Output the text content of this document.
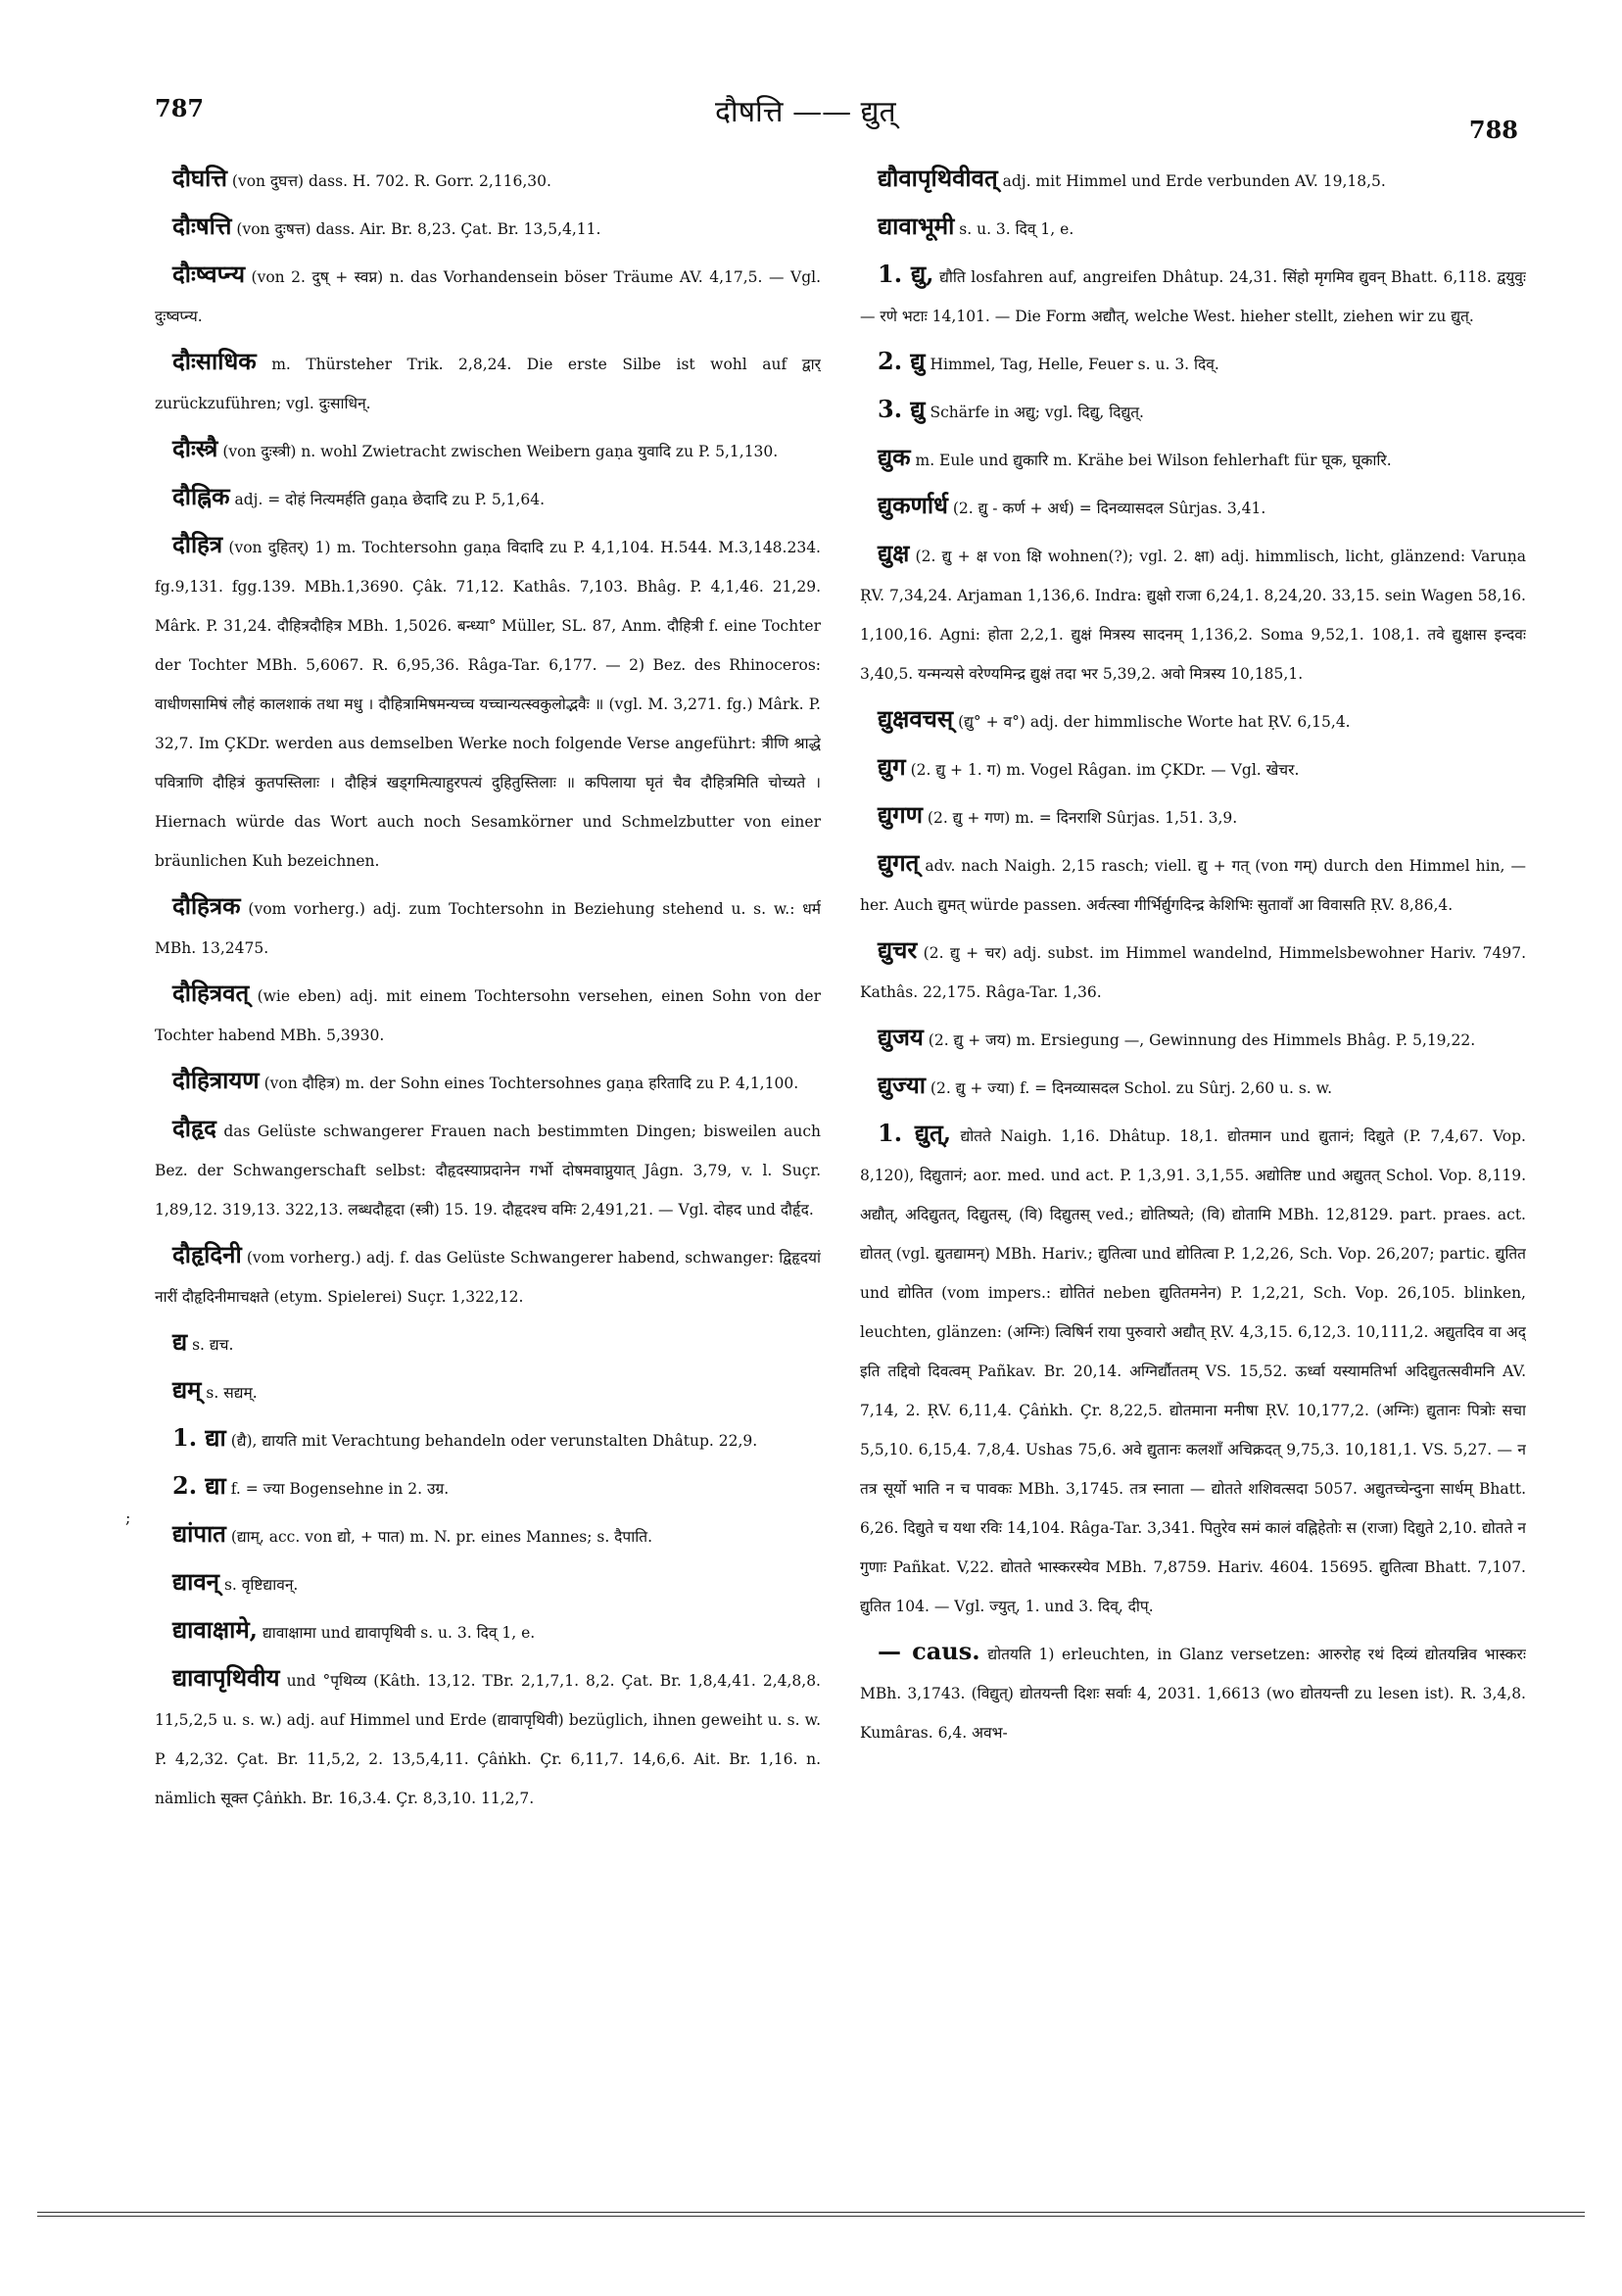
787	दौषत्ति —— द्युत्
788
;

दौघत्ति (von दुघत्त) dass. H. 702. R. Gorr. 2,116,30.

दौःषत्ति (von दुःषत्त) dass. Air. Br. 8,23. Çat. Br. 13,5,4,11.

दौःष्वप्न्य (von 2. दुष् + स्वप्न) n. das Vorhandensein böser Träume AV. 4,17,5. — Vgl. दुःष्वप्न्य.

दौःसाधिक m. Thürsteher Trik. 2,8,24. Die erste Silbe ist wohl auf द्वार् zurückzuführen; vgl. दुःसाधिन्.

दौःस्त्रै (von दुःस्त्री) n. wohl Zwietracht zwischen Weibern gaṇa युवादि zu P. 5,1,130.

दौह्निक adj. = दोहं नित्यमर्हति gaṇa छेदादि zu P. 5,1,64.

दौहित्र (von दुहितर्) 1) m. Tochtersohn gaṇa विदादि zu P. 4,1,104. H.544. M.3,148.234. fg.9,131. fgg.139. MBh.1,3690. Çâk. 71,12. Kathâs. 7,103. Bhâg. P. 4,1,46. 21,29. Mârk. P. 31,24. दौहित्रदौहित्र MBh. 1,5026. बन्ध्या° Müller, SL. 87, Anm. दौहित्री f. eine Tochter der Tochter MBh. 5,6067. R. 6,95,36. Râga-Tar. 6,177. — 2) Bez. des Rhinoceros: वाधीणसामिषं लौहं कालशाकं तथा मधु । दौहित्रामिषमन्यच्च यच्चान्यत्स्वकुलोद्भवैः ॥ (vgl. M. 3,271. fg.) Mârk. P. 32,7. Im ÇKDr. werden aus demselben Werke noch folgende Verse angeführt: त्रीणि श्राद्धे पवित्राणि दौहित्रं कुतपस्तिलाः । दौहित्रं खड्गमित्याहुरपत्यं दुहितुस्तिलाः ॥ कपिलाया घृतं चैव दौहित्रमिति चोच्यते । Hiernach würde das Wort auch noch Sesamkörner und Schmelzbutter von einer bräunlichen Kuh bezeichnen.

दौहित्रक (vom vorherg.) adj. zum Tochtersohn in Beziehung stehend u. s. w.: धर्म MBh. 13,2475.

दौहित्रवत् (wie eben) adj. mit einem Tochtersohn versehen, einen Sohn von der Tochter habend MBh. 5,3930.

दौहित्रायण (von दौहित्र) m. der Sohn eines Tochtersohnes gaṇa हरितादि zu P. 4,1,100.

दौहृद das Gelüste schwangerer Frauen nach bestimmten Dingen; bisweilen auch Bez. der Schwangerschaft selbst: दौहृदस्याप्रदानेन गर्भो दोषमवाप्नुयात् Jâgn. 3,79, v. l. Suçr. 1,89,12. 319,13. 322,13. लब्धदौहृदा (स्त्री) 15. 19. दौहृदश्च वमिः 2,491,21. — Vgl. दोहद und दौर्हृद.

दौहृदिनी (vom vorherg.) adj. f. das Gelüste Schwangerer habend, schwanger: द्विहृदयां नारीं दौहृदिनीमाचक्षते (etym. Spielerei) Suçr. 1,322,12.

द्य s. द्यच.

द्यम् s. सद्यम्.

1. द्या (द्यै), द्यायति mit Verachtung behandeln oder verunstalten Dhâtup. 22,9.

2. द्या f. = ज्या Bogensehne in 2. उग्र.

द्यांपात (द्याम्, acc. von द्यो, + पात) m. N. pr. eines Mannes; s. दैपाति.

द्यावन् s. वृष्टिद्यावन्.

द्यावाक्षामे, द्यावाक्षामा und द्यावापृथिवी s. u. 3. दिव् 1, e.

द्यावापृथिवीय und °पृथिव्य (Kâth. 13,12. TBr. 2,1,7,1. 8,2. Çat. Br. 1,8,4,41. 2,4,8,8. 11,5,2,5 u. s. w.) adj. auf Himmel und Erde (द्यावापृथिवी) bezüglich, ihnen geweiht u. s. w. P. 4,2,32. Çat. Br. 11,5,2, 2. 13,5,4,11. Çâṅkh. Çr. 6,11,7. 14,6,6. Ait. Br. 1,16. n. nämlich सूक्त Çâṅkh. Br. 16,3.4. Çr. 8,3,10. 11,2,7.

द्यौवापृथिवीवत् adj. mit Himmel und Erde verbunden AV. 19,18,5.

द्यावाभूमी s. u. 3. दिव् 1, e.

1. द्यु, द्यौति losfahren auf, angreifen Dhâtup. 24,31. सिंहो मृगमिव द्युवन् Bhatt. 6,118. द्वयुवुः — रणे भटाः 14,101. — Die Form अद्यौत्, welche West. hieher stellt, ziehen wir zu द्युत्.

2. द्यु Himmel, Tag, Helle, Feuer s. u. 3. दिव्.

3. द्यु Schärfe in अद्यु; vgl. दिद्यु, दिद्युत्.

द्युक m. Eule und द्युकारि m. Krähe bei Wilson fehlerhaft für घूक, घूकारि.

द्युकर्णार्ध (2. द्यु - कर्ण + अर्ध) = दिनव्यासदल Sûrjas. 3,41.

द्युक्ष (2. द्यु + क्ष von क्षि wohnen(?); vgl. 2. क्षा) adj. himmlisch, licht, glänzend: Varuṇa ṚV. 7,34,24. Arjaman 1,136,6. Indra: द्युक्षो राजा 6,24,1. 8,24,20. 33,15. sein Wagen 58,16. 1,100,16. Agni: होता 2,2,1. द्युक्षं मित्रस्य सादनम् 1,136,2. Soma 9,52,1. 108,1. तवे द्युक्षास इन्दवः 3,40,5. यन्मन्यसे वरेण्यमिन्द्र द्युक्षं तदा भर 5,39,2. अवो मित्रस्य 10,185,1.

द्युक्षवचस् (द्यु° + व°) adj. der himmlische Worte hat ṚV. 6,15,4.

द्युग (2. द्यु + 1. ग) m. Vogel Râgan. im ÇKDr. — Vgl. खेचर.

द्युगण (2. द्यु + गण) m. = दिनराशि Sûrjas. 1,51. 3,9.

द्युगत् adv. nach Naigh. 2,15 rasch; viell. द्यु + गत् (von गम्) durch den Himmel hin, — her. Auch द्युमत् würde passen. अर्वत्स्वा गीर्भिर्द्युगदिन्द्र केशिभिः सुतावाँ आ विवासति ṚV. 8,86,4.

द्युचर (2. द्यु + चर) adj. subst. im Himmel wandelnd, Himmelsbewohner Hariv. 7497. Kathâs. 22,175. Râga-Tar. 1,36.

द्युजय (2. द्यु + जय) m. Ersiegung —, Gewinnung des Himmels Bhâg. P. 5,19,22.

द्युज्या (2. द्यु + ज्या) f. = दिनव्यासदल Schol. zu Sûrj. 2,60 u. s. w.

1. द्युत्, द्योतते Naigh. 1,16. Dhâtup. 18,1. द्योतमान und द्युतानं; दिद्युते (P. 7,4,67. Vop. 8,120), दिद्युतानं; aor. med. und act. P. 1,3,91. 3,1,55. अद्योतिष्ट und अद्युतत् Schol. Vop. 8,119. अद्यौत्, अदिद्युतत्, दिद्युतस्, (वि) दिद्युतस् ved.; द्योतिष्यते; (वि) द्योतामि MBh. 12,8129. part. praes. act. द्योतत् (vgl. द्युतद्यामन्) MBh. Hariv.; द्युतित्वा und द्योतित्वा P. 1,2,26, Sch. Vop. 26,207; partic. द्युतित und द्योतित (vom impers.: द्योतितं neben द्युतितमनेन) P. 1,2,21, Sch. Vop. 26,105. blinken, leuchten, glänzen: (अग्निः) त्विषिर्न राया पुरुवारो अद्यौत् ṚV. 4,3,15. 6,12,3. 10,111,2. अद्युतदिव वा अद् इति तद्दिवो दिवत्वम् Pañkav. Br. 20,14. अग्निर्द्यौततम् VS. 15,52. ऊर्ध्वा यस्यामतिर्भा अदिद्युतत्सवीमनि AV. 7,14, 2. ṚV. 6,11,4. Çâṅkh. Çr. 8,22,5. द्योतमाना मनीषा ṚV. 10,177,2. (अग्निः) द्युतानः पित्रोः सचा 5,5,10. 6,15,4. 7,8,4. Ushas 75,6. अवे द्युतानः कलशाँ अचिक्रदत् 9,75,3. 10,181,1. VS. 5,27. — न तत्र सूर्यो भाति न च पावकः MBh. 3,1745. तत्र स्नाता — द्योतते शशिवत्सदा 5057. अद्युतच्चेन्दुना सार्धम् Bhatt. 6,26. दिद्युते च यथा रविः 14,104. Râga-Tar. 3,341. पितुरेव समं कालं वह्निहेतोः स (राजा) दिद्युते 2,10. द्योतते न गुणाः Pañkat. V,22. द्योतते भास्करस्येव MBh. 7,8759. Hariv. 4604. 15695. द्युतित्वा Bhatt. 7,107. द्युतित 104. — Vgl. ज्युत्, 1. und 3. दिव्, दीप्.

— caus. द्योतयति 1) erleuchten, in Glanz versetzen: आरुरोह रथं दिव्यं द्योतयन्निव भास्करः MBh. 3,1743. (विद्युत्) द्योतयन्ती दिशः सर्वाः 4, 2031. 1,6613 (wo द्योतयन्ती zu lesen ist). R. 3,4,8. Kumâras. 6,4. अवभ-
